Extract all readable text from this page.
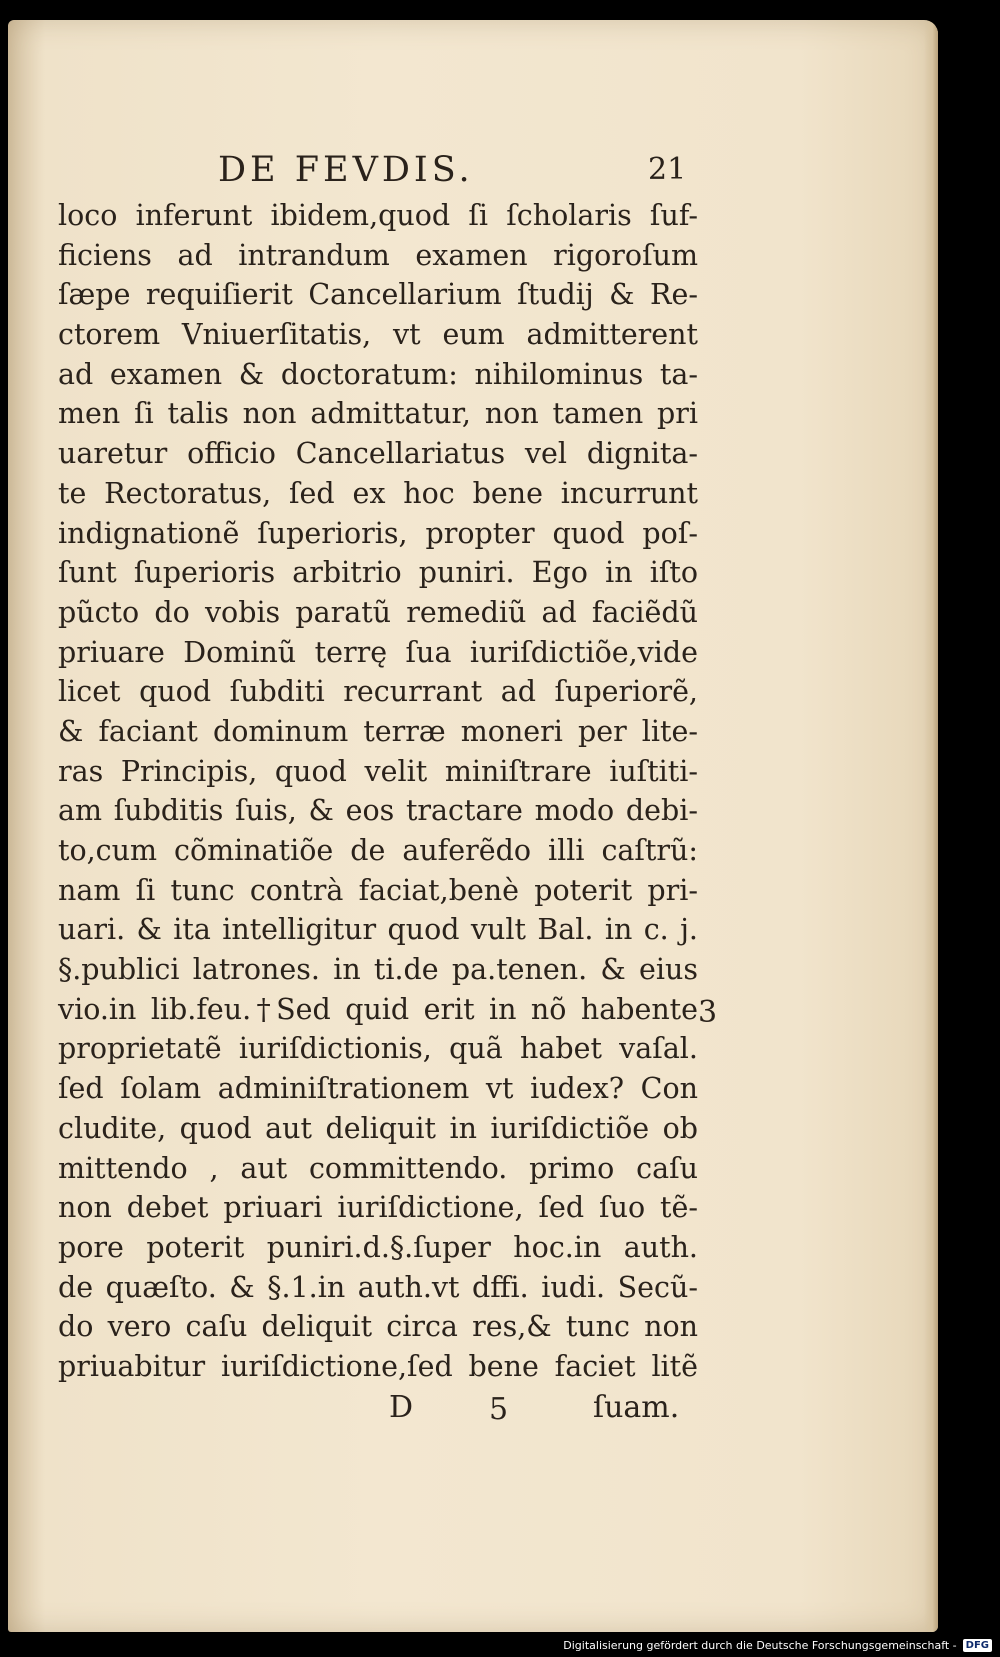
DE FEVDIS.	21
loco inferunt ibidem,quod ſi ſcholaris ſuf-
ficiens ad intrandum examen rigoroſum
ſæpe requiſierit Cancellarium ſtudij & Re-
ctorem Vniuerſitatis, vt eum admitterent
ad examen & doctoratum: nihilominus ta-
men ſi talis non admittatur, non tamen pri
uaretur officio Cancellariatus vel dignita-
te Rectoratus, ſed ex hoc bene incurrunt
indignationẽ ſuperioris, propter quod poſ-
ſunt ſuperioris arbitrio puniri. Ego in iſto
pũcto do vobis paratũ remediũ ad faciẽdũ
priuare Dominũ terrę ſua iuriſdictiõe,vide
licet quod ſubditi recurrant ad ſuperiorẽ,
& faciant dominum terræ moneri per lite-
ras Principis, quod velit miniſtrare iuſtiti-
am ſubditis ſuis, & eos tractare modo debi-
to,cum cõminatiõe de auferẽdo illi caſtrũ:
nam ſi tunc contrà faciat,benè poterit pri-
uari. & ita intelligitur quod vult Bal. in c. j.
§.publici latrones. in ti.de pa.tenen. & eius
vio.in lib.feu.†Sed quid erit in nõ habente
proprietatẽ iuriſdictionis, quã habet vaſal.
ſed ſolam adminiſtrationem vt iudex? Con
cludite, quod aut deliquit in iuriſdictiõe ob
mittendo , aut committendo. primo caſu
non debet priuari iuriſdictione, ſed ſuo tẽ-
pore poterit puniri.d.§.ſuper hoc.in auth.
de quæſto. & §.1.in auth.vt dffi. iudi. Secũ-
do vero caſu deliquit circa res,& tunc non
priuabitur iuriſdictione,ſed bene faciet litẽ
3
D	5	ſuam.
Digitalisierung gefördert durch die Deutsche Forschungsgemeinschaft - DFG
